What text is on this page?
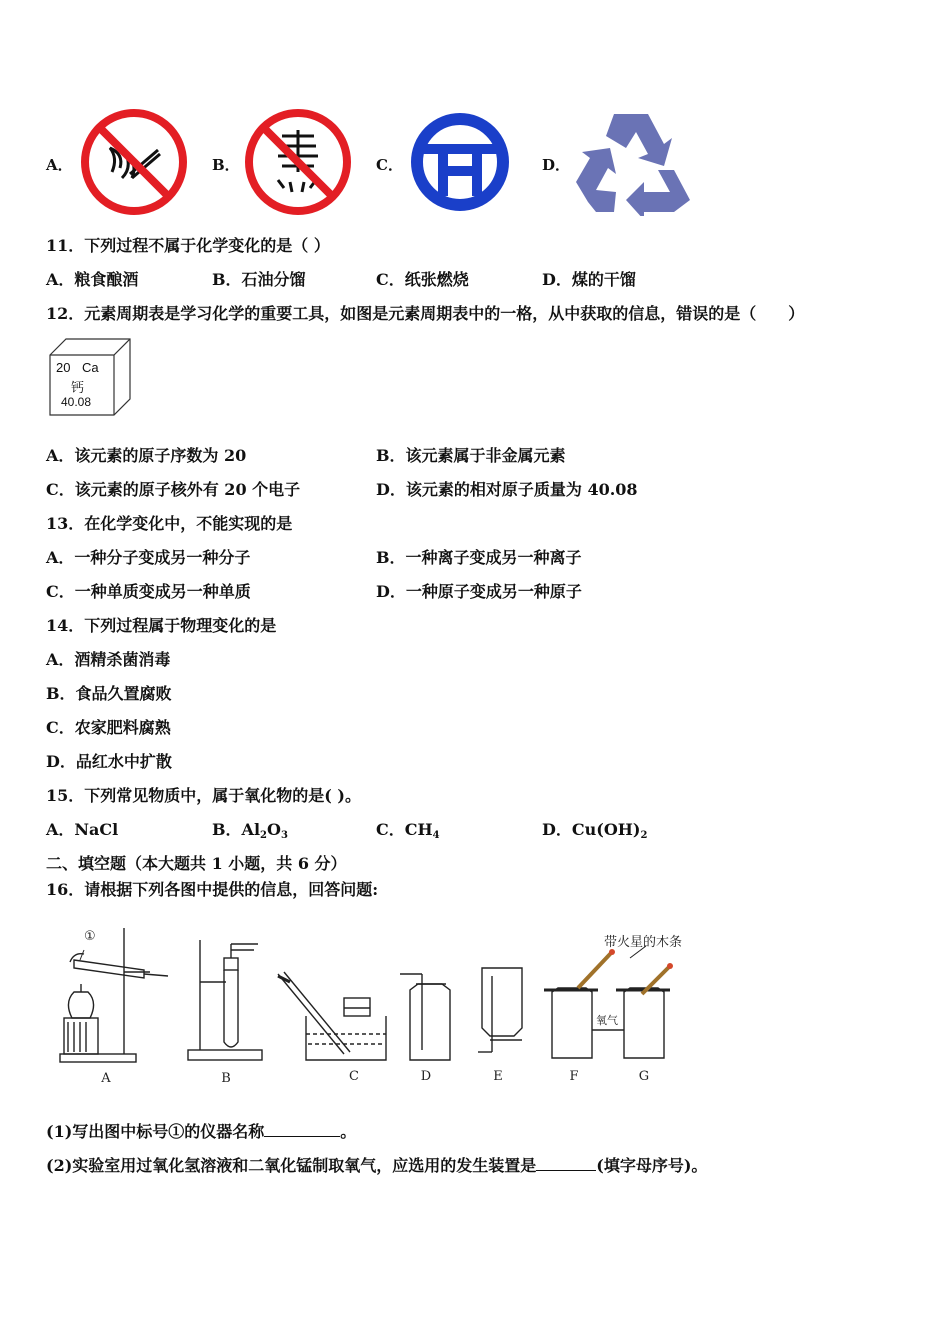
A．	B．	C．	D．
11．下列过程不属于化学变化的是（ ）
A．粮食酿酒	B．石油分馏	C．纸张燃烧	D．煤的干馏
12．元素周期表是学习化学的重要工具，如图是元素周期表中的一格，从中获取的信息，错误的是（　　）
20 Ca
钙
40.08
A．该元素的原子序数为 20	B．该元素属于非金属元素
C．该元素的原子核外有 20 个电子	D．该元素的相对原子质量为 40.08
13．在化学变化中，不能实现的是
A．一种分子变成另一种分子	B．一种离子变成另一种离子
C．一种单质变成另一种单质	D．一种原子变成另一种原子
14．下列过程属于物理变化的是
A．酒精杀菌消毒
B．食品久置腐败
C．农家肥料腐熟
D．品红水中扩散
15．下列常见物质中，属于氧化物的是( )。
A．NaCl	B．$Al_2O_3$	C．$CH_4$	D．$Cu(OH)_2$
二、填空题（本大题共 1 小题，共 6 分）
16．请根据下列各图中提供的信息，回答问题:
①	带火星的木条
氧气
A	B	C	D	E	F	G
(1)写出图中标号①的仪器名称	。
(2)实验室用过氧化氢溶液和二氧化锰制取氧气，应选用的发生装置是	(填字母序号)。
